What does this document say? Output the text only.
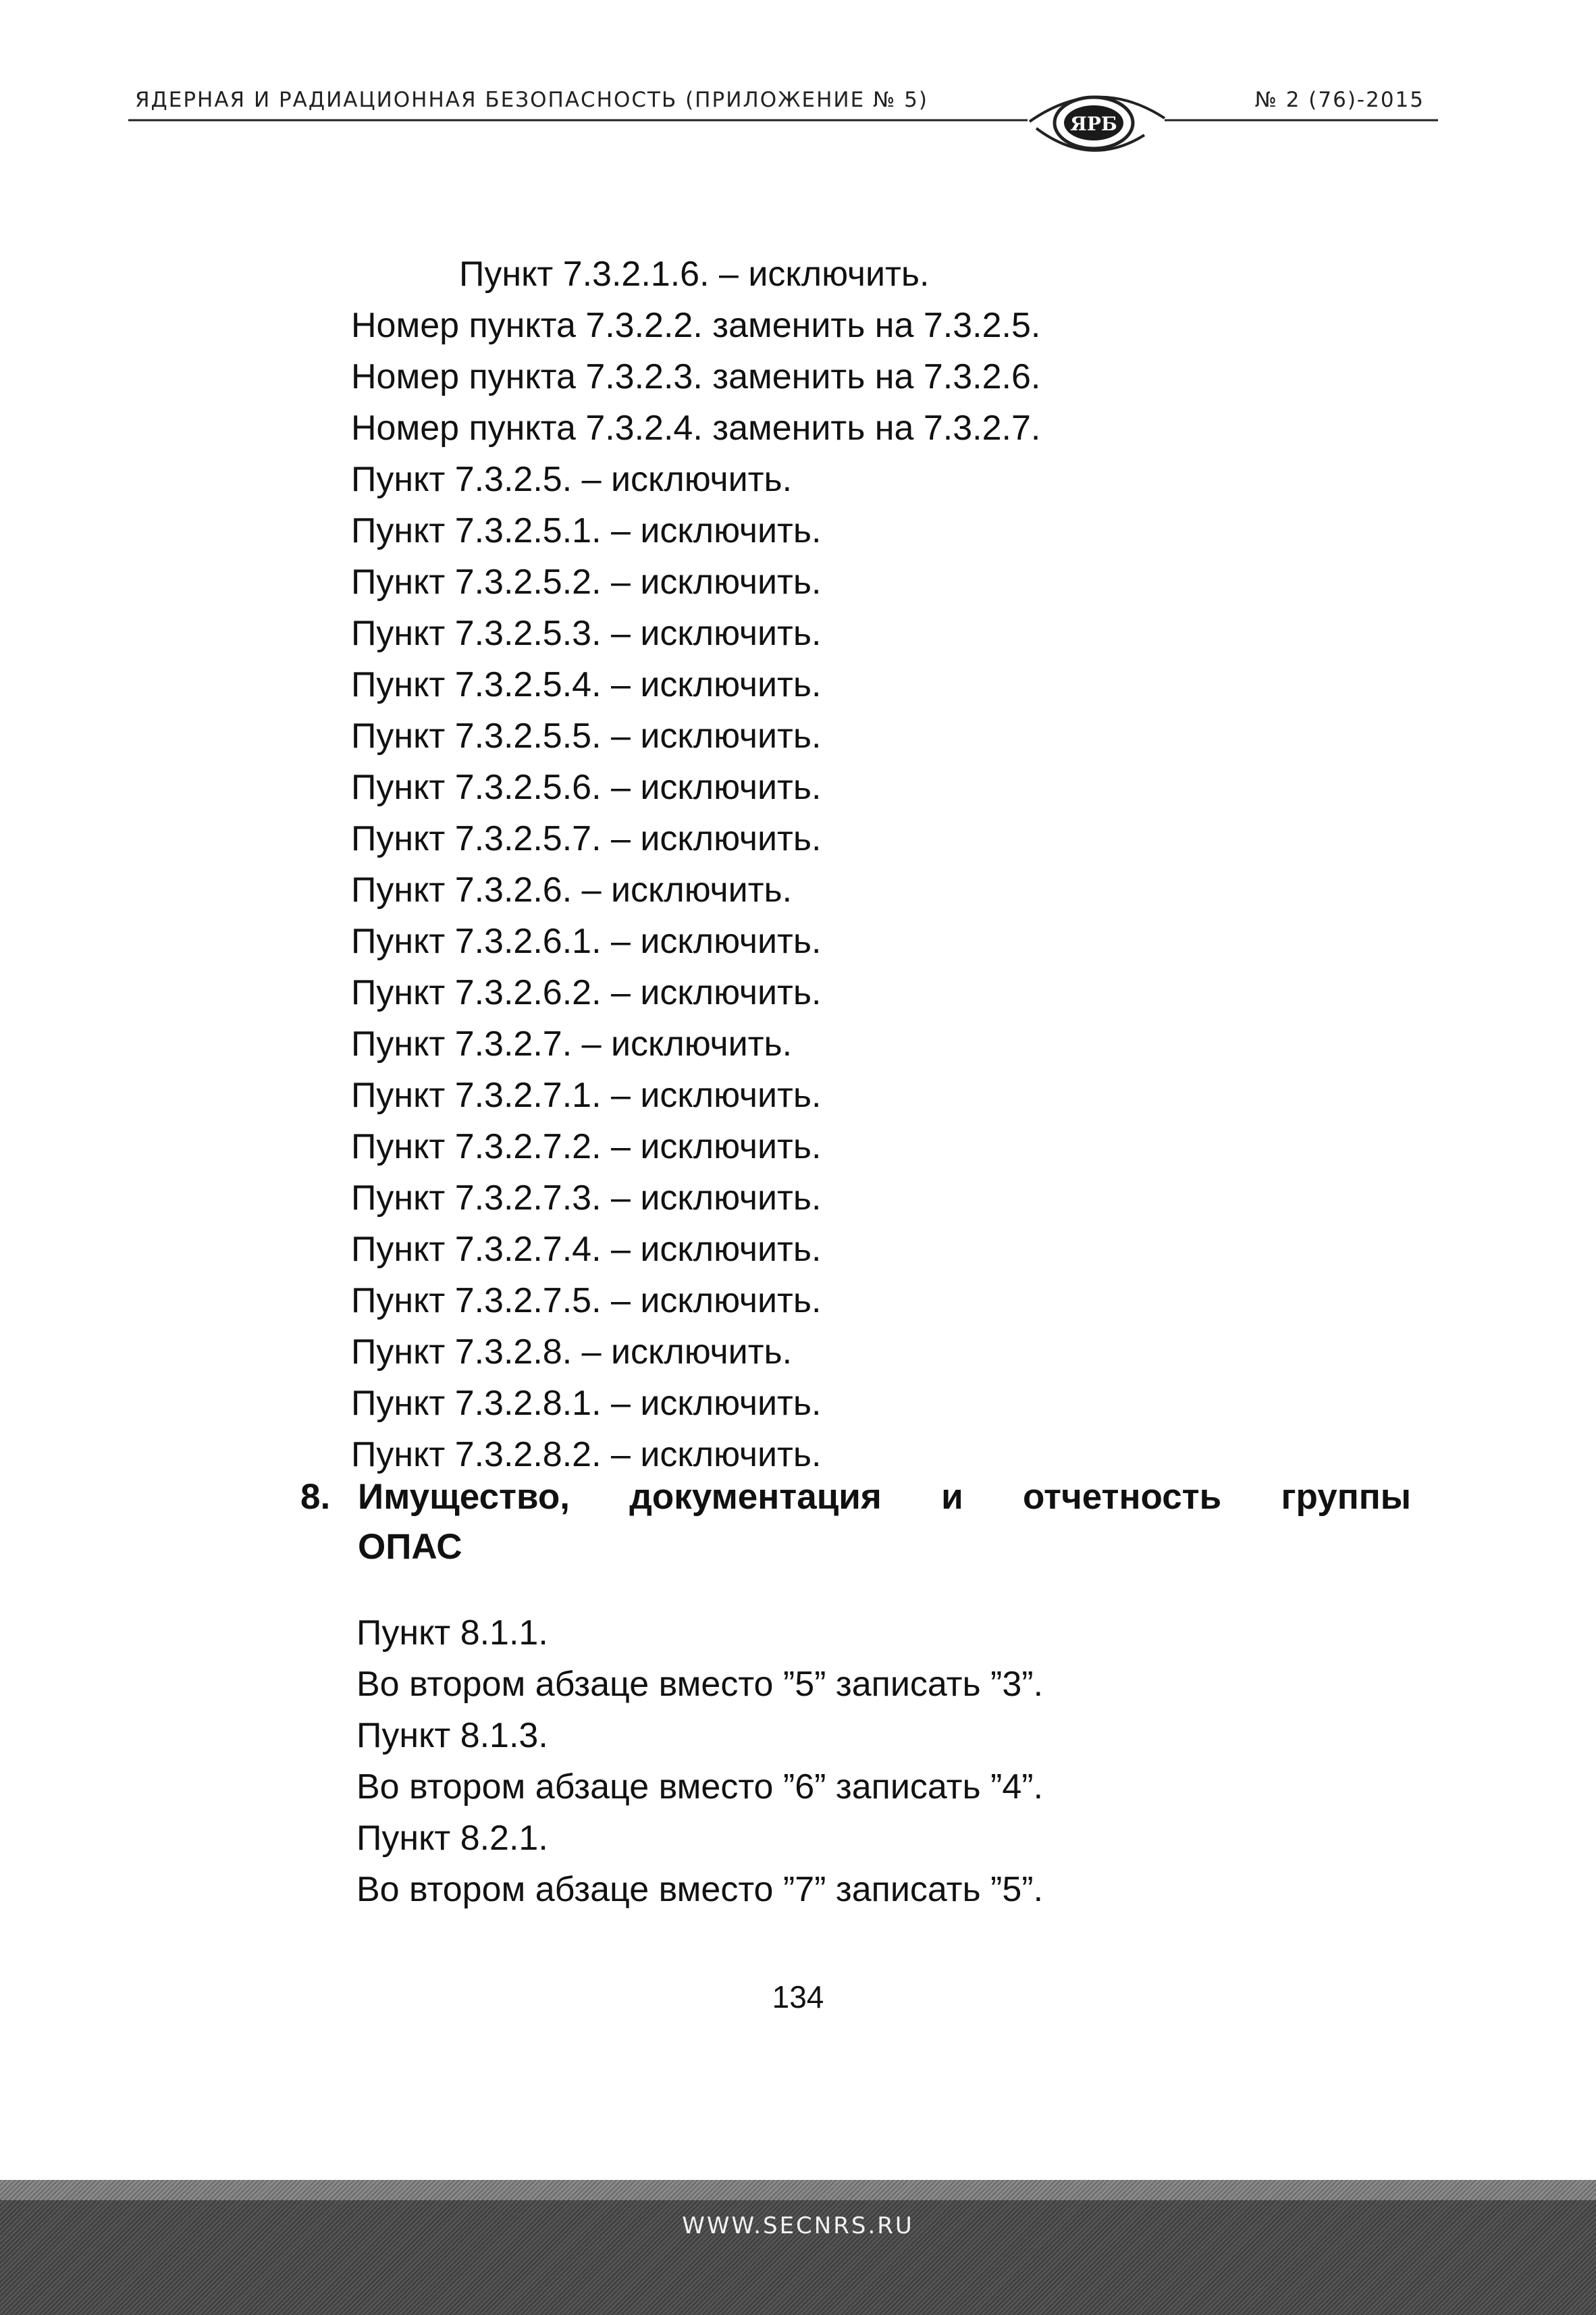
ЯДЕРНАЯ И РАДИАЦИОННАЯ БЕЗОПАСНОСТЬ (ПРИЛОЖЕНИЕ № 5)
ЯРБ
№ 2 (76)-2015
Пункт 7.3.2.1.6. – исключить.
Номер пункта 7.3.2.2. заменить на 7.3.2.5.
Номер пункта 7.3.2.3. заменить на 7.3.2.6.
Номер пункта 7.3.2.4. заменить на 7.3.2.7.
Пункт 7.3.2.5. – исключить.
Пункт 7.3.2.5.1. – исключить.
Пункт 7.3.2.5.2. – исключить.
Пункт 7.3.2.5.3. – исключить.
Пункт 7.3.2.5.4. – исключить.
Пункт 7.3.2.5.5. – исключить.
Пункт 7.3.2.5.6. – исключить.
Пункт 7.3.2.5.7. – исключить.
Пункт 7.3.2.6. – исключить.
Пункт 7.3.2.6.1. – исключить.
Пункт 7.3.2.6.2. – исключить.
Пункт 7.3.2.7. – исключить.
Пункт 7.3.2.7.1. – исключить.
Пункт 7.3.2.7.2. – исключить.
Пункт 7.3.2.7.3. – исключить.
Пункт 7.3.2.7.4. – исключить.
Пункт 7.3.2.7.5. – исключить.
Пункт 7.3.2.8. – исключить.
Пункт 7.3.2.8.1. – исключить.
Пункт 7.3.2.8.2. – исключить.
8. Имущество, документация и отчетность группы
ОПАС
Пункт 8.1.1.
Во втором абзаце вместо ”5” записать ”3”.
Пункт 8.1.3.
Во втором абзаце вместо ”6” записать ”4”.
Пункт 8.2.1.
Во втором абзаце вместо ”7” записать ”5”.
134
WWW.SECNRS.RU
